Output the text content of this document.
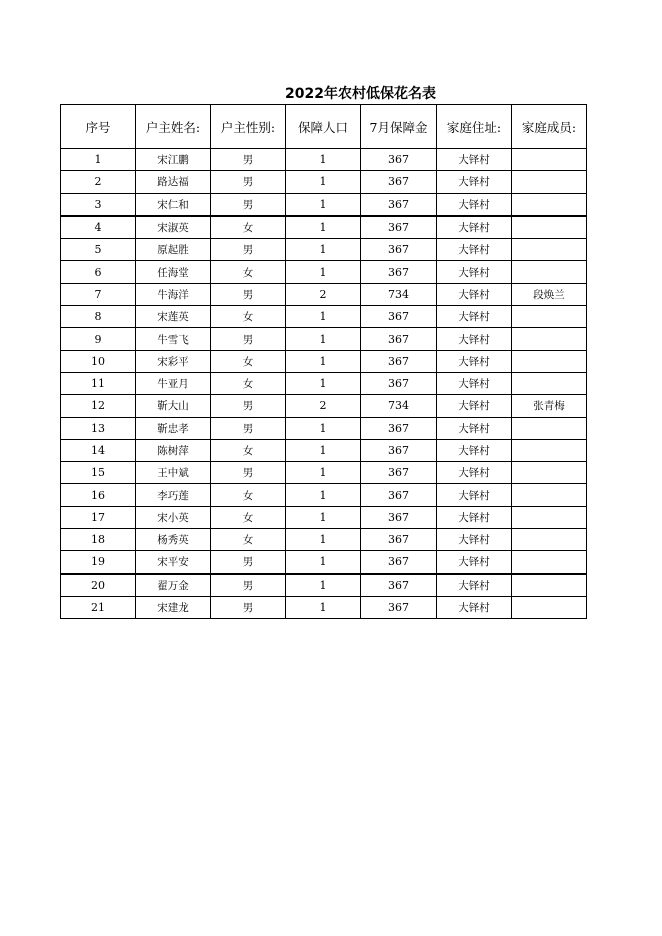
2022年农村低保花名表
序号	户主姓名:	户主性别:	保障人口	7月保障金	家庭住址:	家庭成员:
1	宋江鹏	男	1	367	大铎村	
2	路达福	男	1	367	大铎村	
3	宋仁和	男	1	367	大铎村	
4	宋淑英	女	1	367	大铎村	
5	原起胜	男	1	367	大铎村	
6	任海堂	女	1	367	大铎村	
7	牛海洋	男	2	734	大铎村	段焕兰
8	宋莲英	女	1	367	大铎村	
9	牛雪飞	男	1	367	大铎村	
10	宋彩平	女	1	367	大铎村	
11	牛亚月	女	1	367	大铎村	
12	靳大山	男	2	734	大铎村	张青梅
13	靳忠孝	男	1	367	大铎村	
14	陈树萍	女	1	367	大铎村	
15	王中斌	男	1	367	大铎村	
16	李巧莲	女	1	367	大铎村	
17	宋小英	女	1	367	大铎村	
18	杨秀英	女	1	367	大铎村	
19	宋平安	男	1	367	大铎村	
20	翟万金	男	1	367	大铎村	
21	宋建龙	男	1	367	大铎村	
